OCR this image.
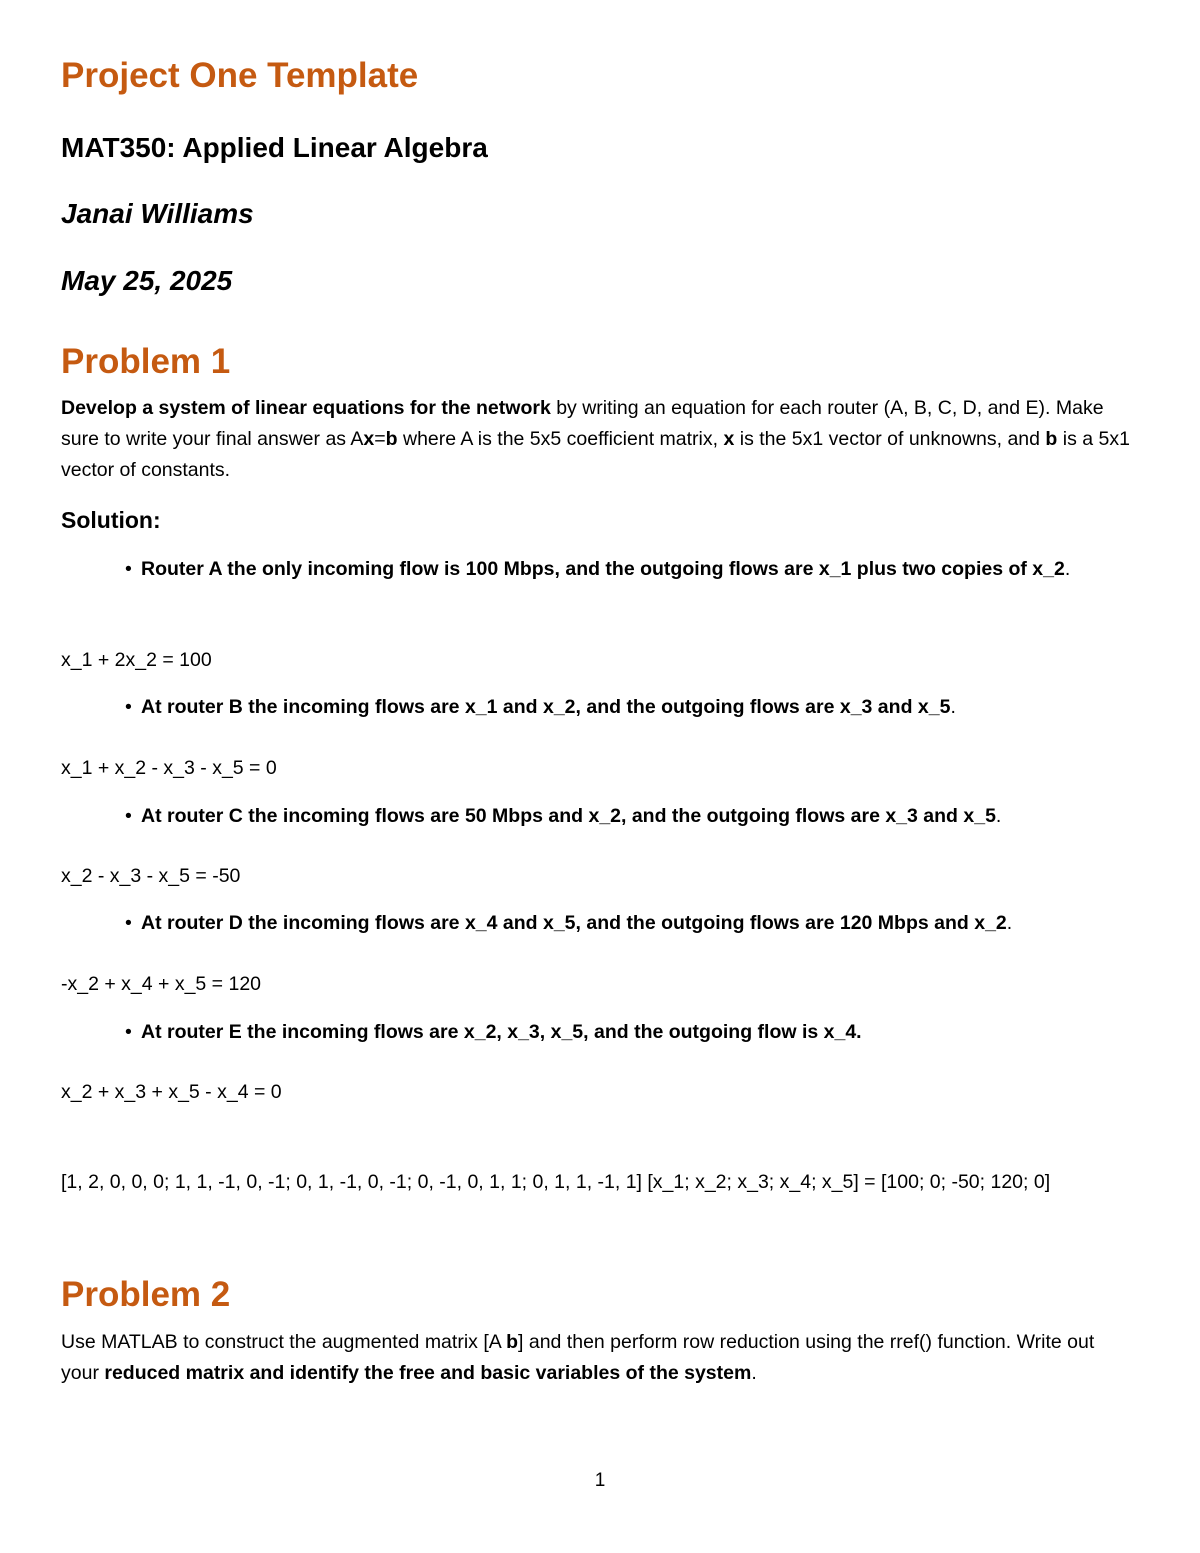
Project One Template
MAT350: Applied Linear Algebra
Janai Williams
May 25, 2025
Problem 1

Develop a system of linear equations for the network by writing an equation for each router (A, B, C, D, and E). Make sure to write your final answer as Ax=b where A is the 5x5 coefficient matrix, x is the 5x1 vector of unknowns, and b is a 5x1 vector of constants.

Solution:

• Router A the only incoming flow is 100 Mbps, and the outgoing flows are x_1 plus two copies of x_2.

x_1 + 2x_2 = 100

• At router B the incoming flows are x_1 and x_2, and the outgoing flows are x_3 and x_5.

x_1 + x_2 - x_3 - x_5 = 0

• At router C the incoming flows are 50 Mbps and x_2, and the outgoing flows are x_3 and x_5.

x_2 - x_3 - x_5 = -50

• At router D the incoming flows are x_4 and x_5, and the outgoing flows are 120 Mbps and x_2.

-x_2 + x_4 + x_5 = 120

• At router E the incoming flows are x_2, x_3, x_5, and the outgoing flow is x_4.

x_2 + x_3 + x_5 - x_4 = 0

[1, 2, 0, 0, 0; 1, 1, -1, 0, -1; 0, 1, -1, 0, -1; 0, -1, 0, 1, 1; 0, 1, 1, -1, 1] [x_1; x_2; x_3; x_4; x_5] = [100; 0; -50; 120; 0]

Problem 2

Use MATLAB to construct the augmented matrix [A b] and then perform row reduction using the rref() function. Write out your reduced matrix and identify the free and basic variables of the system.

1
